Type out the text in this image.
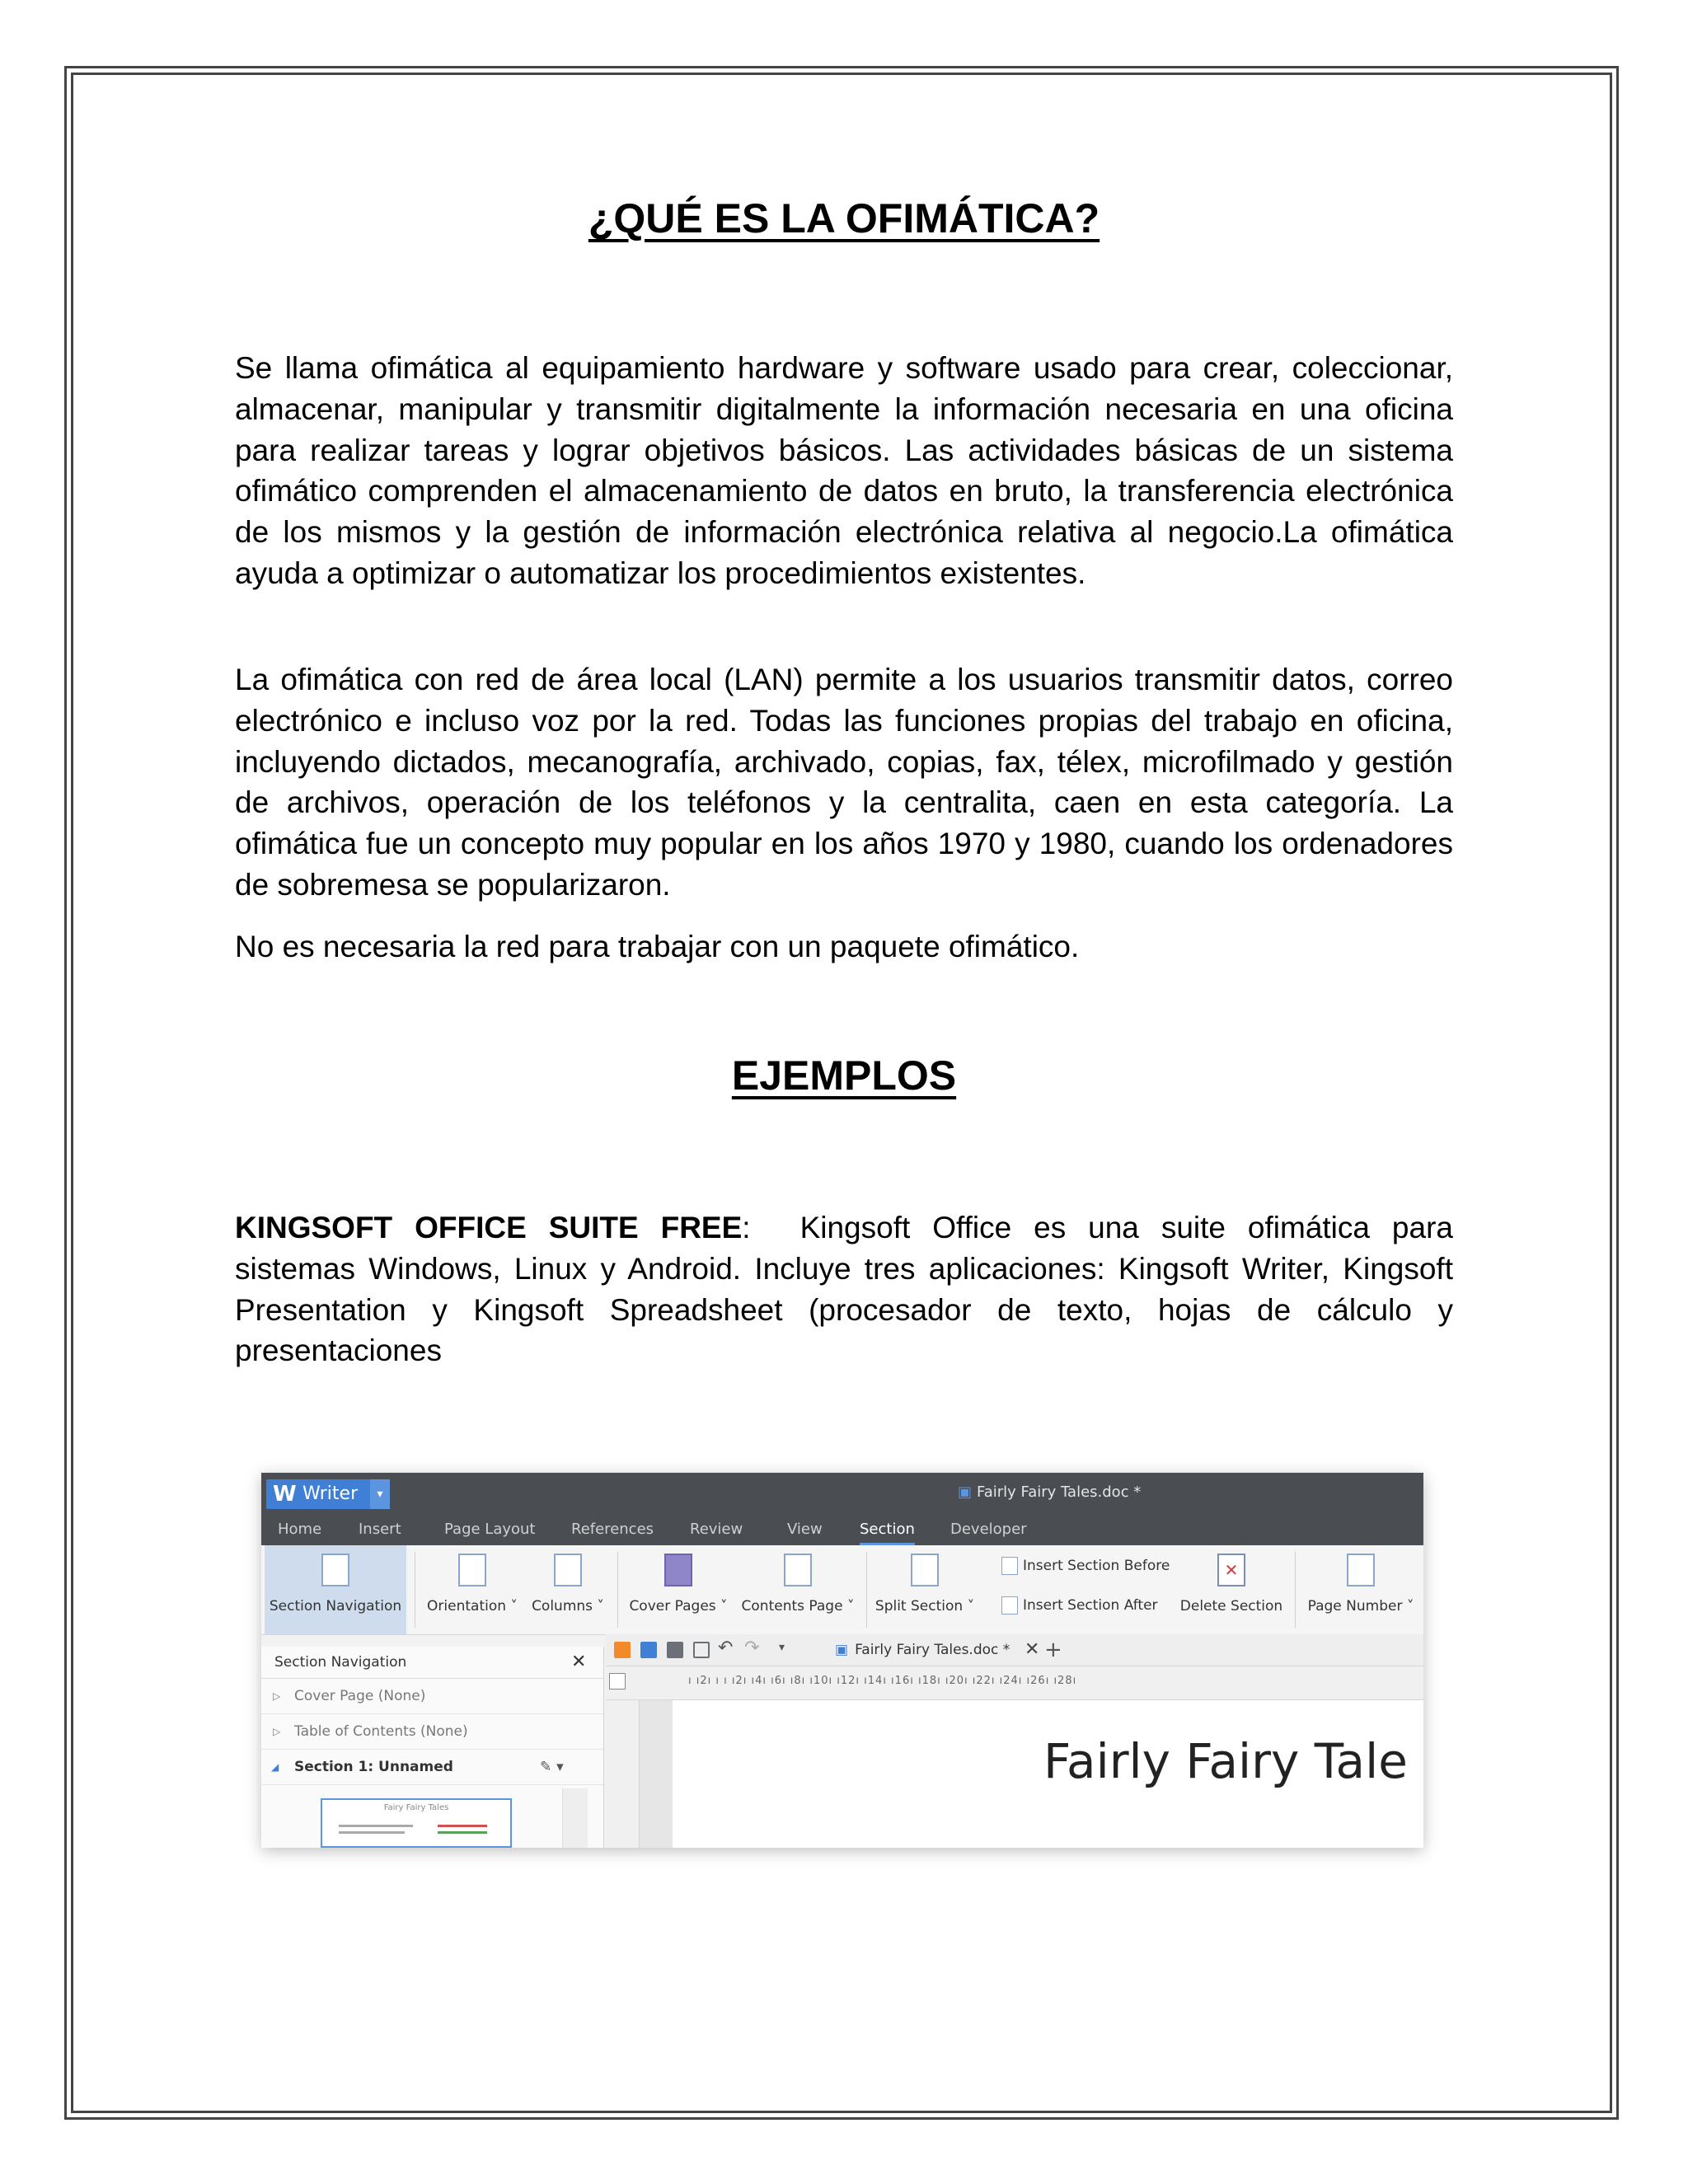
¿QUÉ ES LA OFIMÁTICA?

Se llama ofimática al equipamiento hardware y software usado para crear, coleccionar, almacenar, manipular y transmitir digitalmente la información necesaria en una oficina para realizar tareas y lograr objetivos básicos. Las actividades básicas de un sistema ofimático comprenden el almacenamiento de datos en bruto, la transferencia electrónica de los mismos y la gestión de información electrónica relativa al negocio.La ofimática ayuda a optimizar o automatizar los procedimientos existentes.

La ofimática con red de área local (LAN) permite a los usuarios transmitir datos, correo electrónico e incluso voz por la red. Todas las funciones propias del trabajo en oficina, incluyendo dictados, mecanografía, archivado, copias, fax, télex, microfilmado y gestión de archivos, operación de los teléfonos y la centralita, caen en esta categoría. La ofimática fue un concepto muy popular en los años 1970 y 1980, cuando los ordenadores de sobremesa se popularizaron.

No es necesaria la red para trabajar con un paquete ofimático.

EJEMPLOS

KINGSOFT OFFICE SUITE FREE: Kingsoft Office es una suite ofimática para sistemas Windows, Linux y Android. Incluye tres aplicaciones: Kingsoft Writer, Kingsoft Presentation y Kingsoft Spreadsheet (procesador de texto, hojas de cálculo y presentaciones

W Writer	▾	▣ Fairly Fairy Tales.doc *
Home Insert	Page Layout References Review	View	Section Developer
Section Navigation	Orientation ˅	Columns ˅	Cover Pages ˅ Contents Page ˅ Split Section ˅
Insert Section Before
Insert Section After
✕
Delete Section	Page Number ˅
Section Navigation	✕
▷ Cover Page (None)
▷ Table of Contents (None)
◢ Section 1: Unnamed	✎ ▾
Fairy Fairy Tales
↶ ↷ ▾	▣ Fairly Fairy Tales.doc * ✕ +
ı ı2ı ı ı ı2ı ı4ı ı6ı ı8ı ı10ı ı12ı ı14ı ı16ı ı18ı ı20ı ı22ı ı24ı ı26ı ı28ı
Fairly Fairy Tale
